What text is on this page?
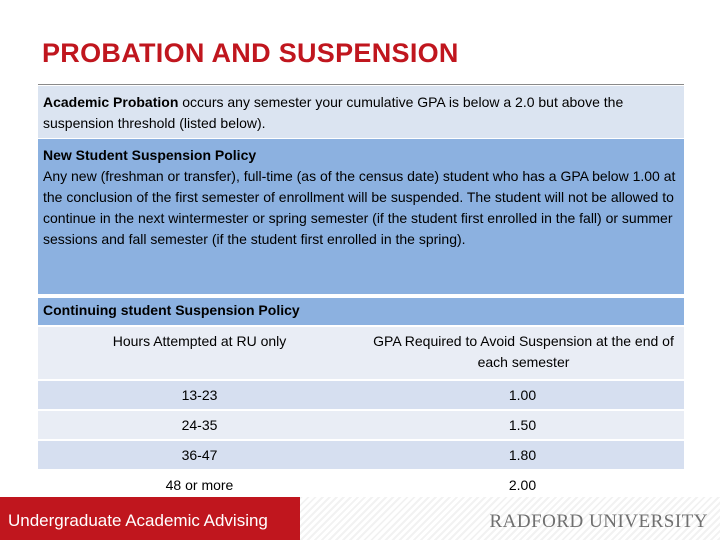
PROBATION AND SUSPENSION
Academic Probation occurs any semester your cumulative GPA is below a 2.0 but above the suspension threshold (listed below).
New Student Suspension Policy
Any new (freshman or transfer), full-time (as of the census date) student who has a GPA below 1.00 at the conclusion of the first semester of enrollment will be suspended. The student will not be allowed to continue in the next wintermester or spring semester (if the student first enrolled in the fall) or summer sessions and fall semester (if the student first enrolled in the spring).
Continuing student Suspension Policy
Hours Attempted at RU only	GPA Required to Avoid Suspension at the end of each semester
13-23	1.00
24-35	1.50
36-47	1.80
48 or more	2.00
Undergraduate Academic Advising	RADFORD UNIVERSITY
